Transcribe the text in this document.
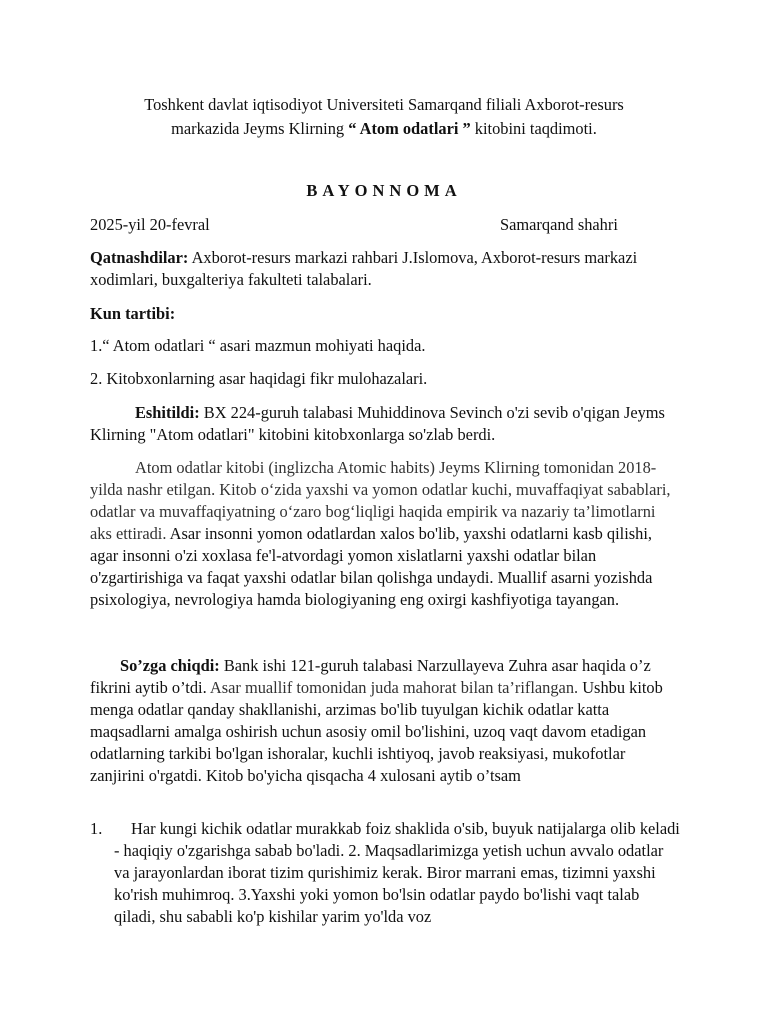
Toshkent davlat iqtisodiyot Universiteti Samarqand filiali Axborot-resurs
markazida Jeyms Klirning “ Atom odatlari ” kitobini taqdimoti.
BAYONNOMA
2025-yil 20-fevral	Samarqand shahri

Qatnashdilar: Axborot-resurs markazi rahbari J.Islomova, Axborot-resurs markazi xodimlari, buxgalteriya fakulteti talabalari.

Kun tartibi:

1.“ Atom odatlari “ asari mazmun mohiyati haqida.

2. Kitobxonlarning asar haqidagi fikr mulohazalari.

Eshitildi: BX 224-guruh talabasi Muhiddinova Sevinch o'zi sevib o'qigan Jeyms Klirning "Atom odatlari" kitobini kitobxonlarga so'zlab berdi.

Atom odatlar kitobi (inglizcha Atomic habits) Jeyms Klirning tomonidan 2018-yilda nashr etilgan. Kitob o‘zida yaxshi va yomon odatlar kuchi, muvaffaqiyat sabablari, odatlar va muvaffaqiyatning o‘zaro bog‘liqligi haqida empirik va nazariy ta’limotlarni aks ettiradi. Asar insonni yomon odatlardan xalos bo'lib, yaxshi odatlarni kasb qilishi, agar insonni o'zi xoxlasa fe'l-atvordagi yomon xislatlarni yaxshi odatlar bilan o'zgartirishiga va faqat yaxshi odatlar bilan qolishga undaydi. Muallif asarni yozishda psixologiya, nevrologiya hamda biologiyaning eng oxirgi kashfiyotiga tayangan.

So’zga chiqdi: Bank ishi 121-guruh talabasi Narzullayeva Zuhra asar haqida o’z fikrini aytib o’tdi. Asar muallif tomonidan juda mahorat bilan ta’riflangan. Ushbu kitob menga odatlar qanday shakllanishi, arzimas bo'lib tuyulgan kichik odatlar katta maqsadlarni amalga oshirish uchun asosiy omil bo'lishini, uzoq vaqt davom etadigan odatlarning tarkibi bo'lgan ishoralar, kuchli ishtiyoq, javob reaksiyasi, mukofotlar zanjirini o'rgatdi. Kitob bo'yicha qisqacha 4 xulosani aytib o’tsam

1.	Har kungi kichik odatlar murakkab foiz shaklida o'sib, buyuk natijalarga olib keladi - haqiqiy o'zgarishga sabab bo'ladi. 2. Maqsadlarimizga yetish uchun avvalo odatlar va jarayonlardan iborat tizim qurishimiz kerak. Biror marrani emas, tizimni yaxshi ko'rish muhimroq. 3.Yaxshi yoki yomon bo'lsin odatlar paydo bo'lishi vaqt talab qiladi, shu sababli ko'p kishilar yarim yo'lda voz
